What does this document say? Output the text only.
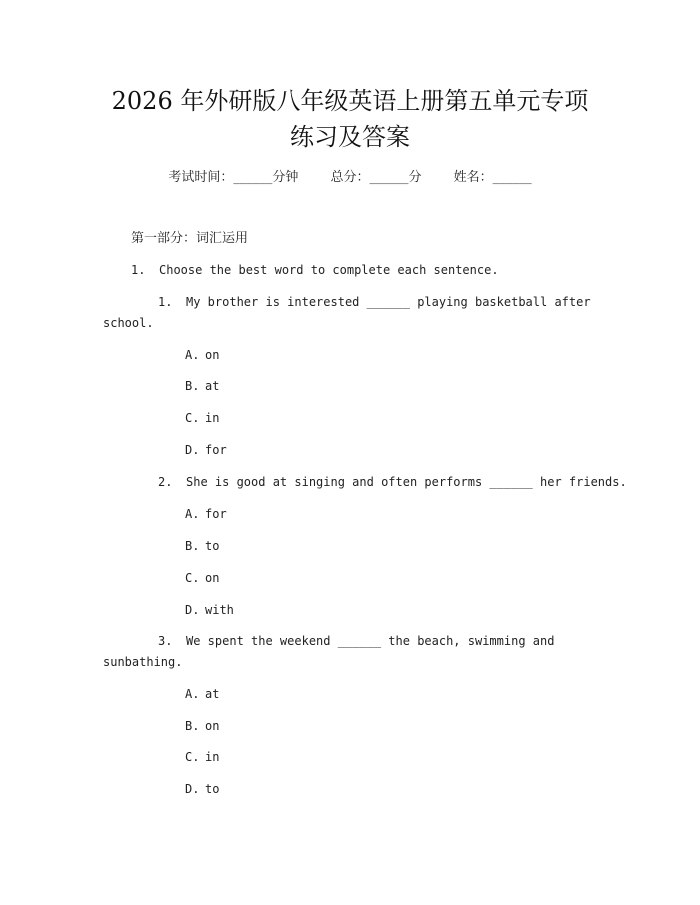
2026 年外研版八年级英语上册第五单元专项
练习及答案
考试时间：______分钟 总分：______分 姓名：______
第一部分：词汇运用
1. Choose the best word to complete each sentence.
1. My brother is interested ______ playing basketball after
school.
A. on
B. at
C. in
D. for
2. She is good at singing and often performs ______ her friends.
A. for
B. to
C. on
D. with
3. We spent the weekend ______ the beach, swimming and
sunbathing.
A. at
B. on
C. in
D. to
